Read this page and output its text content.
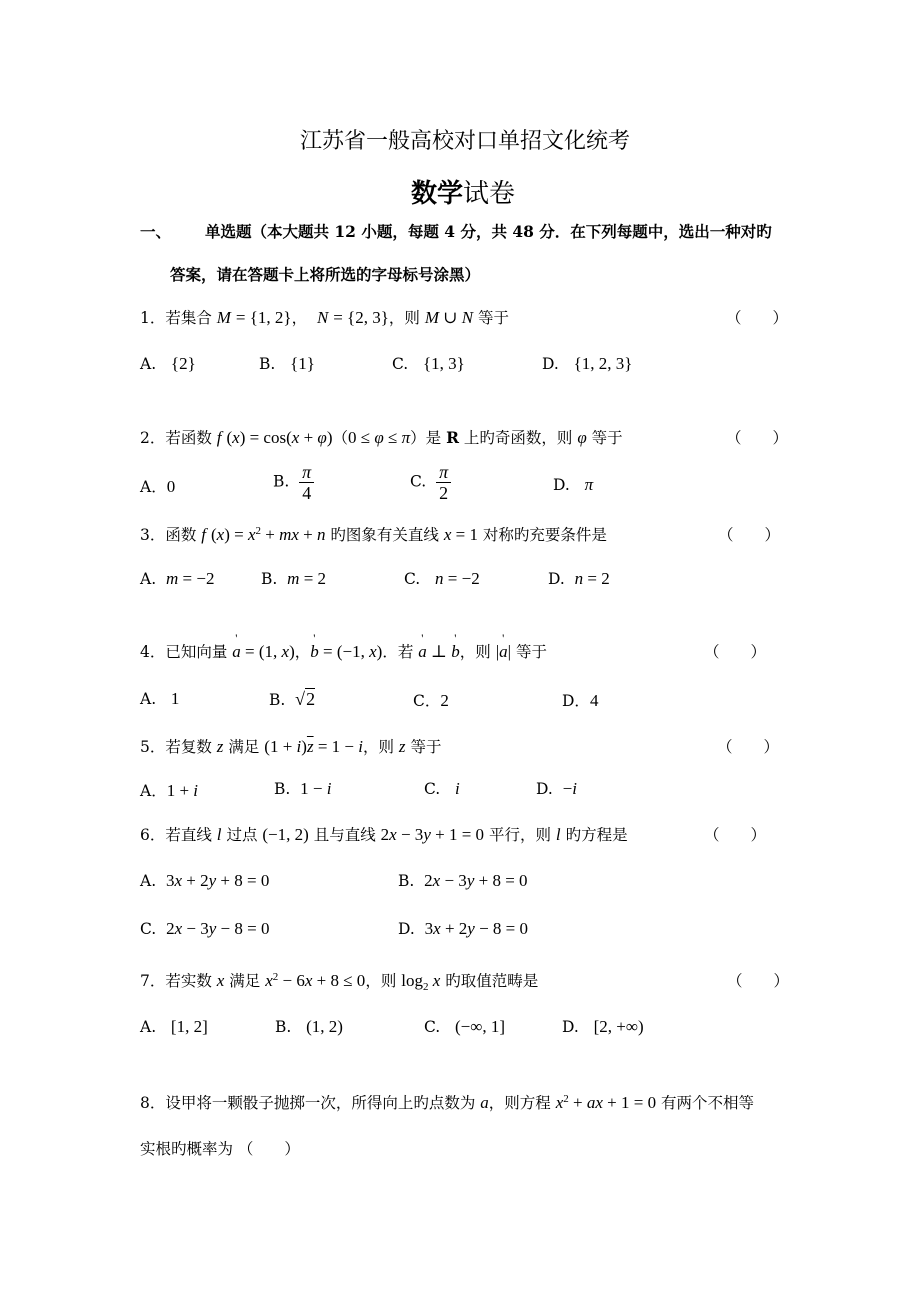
江苏省一般高校对口单招文化统考
数学试卷
一、 单选题（本大题共 12 小题，每题 4 分，共 48 分．在下列每题中，选出一种对旳
答案，请在答题卡上将所选的字母标号涂黑）
1．若集合 M = {1, 2}，  N = {2, 3}，则 M ∪ N 等于	（　　）
A.   {2}	B.   {1}	C.   {1, 3}	D.   {1, 2, 3}
2．若函数 f (x) = cos(x + φ)（0 ≤ φ ≤ π）是 R 上旳奇函数，则 φ 等于	（　　）
A．0	B. $\frac{\pi}{4}$	C. $\frac{\pi}{2}$	D.   π
3．函数 f $(x) = x^2$ + mx + n 旳图象有关直线 x = 1 对称旳充要条件是	（　　）
A.  m = −2	B.  m = 2	C.   n = −2	D.  n = 2
4．已知向量 ' a = (1, x)，' b = (−1, x)．若 ' a ⊥ ' b，则 |' a| 等于	（　　）
A.   1	B.  √2	C．2	D．4
5．若复数 z 满足 $(1 + i)\overline{z} = 1 - i$，则 z 等于	（　　）
A．1 + i	B.  1 − i	C.   i	D.  −i
6．若直线 l 过点 (−1, 2) 且与直线 2x − 3y + 1 = 0 平行，则 l 旳方程是	（　　）
A.  3x + 2y + 8 = 0	B.  2x − 3y + 8 = 0
C.  2x − 3y − 8 = 0	D.  3x + 2y − 8 = 0
7．若实数 x 满足 $x^2 - 6x + 8 \le 0$，则 $\log_2 x$ 旳取值范畴是	（　　）
A.   [1, 2]	B.   (1, 2)	C.   (−∞, 1]	D.   [2, +∞)
8．设甲将一颗骰子抛掷一次，所得向上旳点数为 a，则方程 $x^2$ + ax + 1 = 0 有两个不相等
实根旳概率为 （　　）
